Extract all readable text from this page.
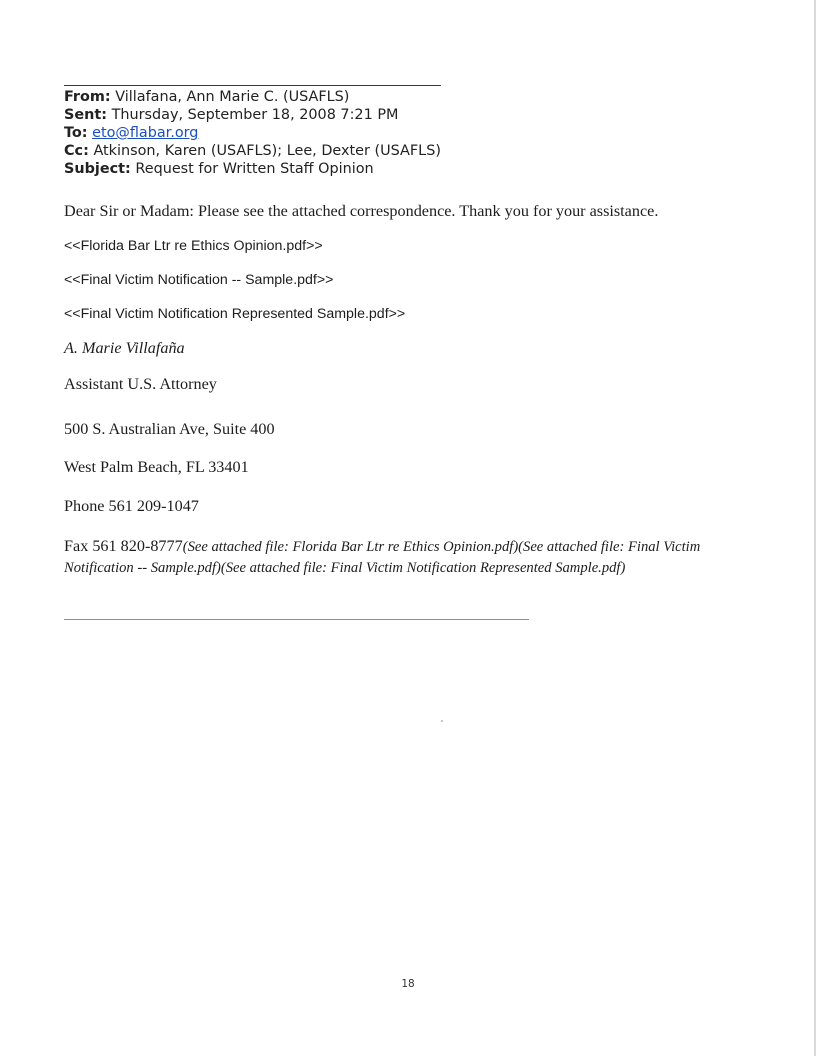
From: Villafana, Ann Marie C. (USAFLS)
Sent: Thursday, September 18, 2008 7:21 PM
To: eto@flabar.org
Cc: Atkinson, Karen (USAFLS); Lee, Dexter (USAFLS)
Subject: Request for Written Staff Opinion
Dear Sir or Madam: Please see the attached correspondence. Thank you for your assistance.
<<Florida Bar Ltr re Ethics Opinion.pdf>>
<<Final Victim Notification -- Sample.pdf>>
<<Final Victim Notification Represented Sample.pdf>>
A. Marie Villafaña
Assistant U.S. Attorney
500 S. Australian Ave, Suite 400
West Palm Beach, FL 33401
Phone 561 209-1047
Fax 561 820-8777(See attached file: Florida Bar Ltr re Ethics Opinion.pdf)(See attached file: Final Victim Notification -- Sample.pdf)(See attached file: Final Victim Notification Represented Sample.pdf)
18
